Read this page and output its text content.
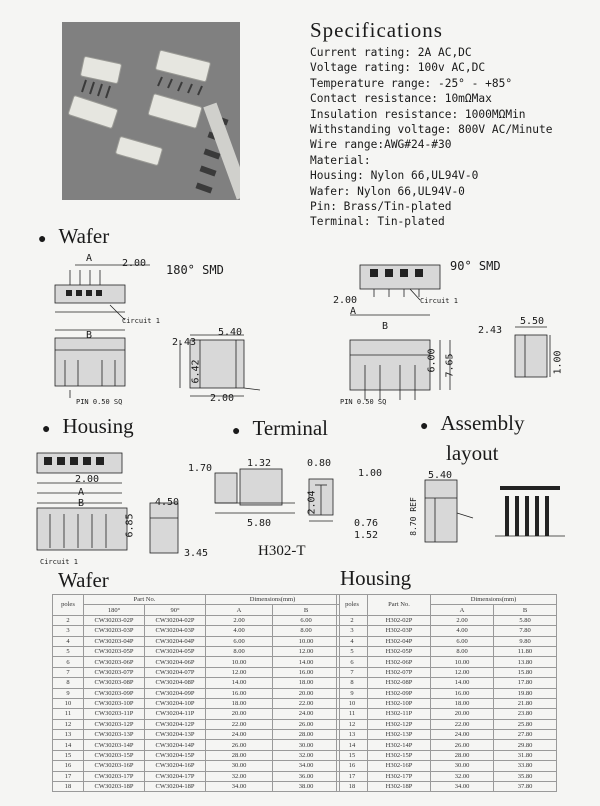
Specifications
Current rating: 2A AC,DC
Voltage rating: 100v AC,DC
Temperature range: -25° - +85°
Contact resistance: 10mΩMax
Insulation resistance: 1000MΩMin
Withstanding voltage: 800V AC/Minute
Wire range:AWG#24-#30
Material:
Housing: Nylon 66,UL94V-0
Wafer: Nylon 66,UL94V-0
Pin: Brass/Tin-plated
Terminal: Tin-plated
● Wafer
● Housing	● Terminal	● Assembly
layout
180° SMD	90° SMD
A	2.00
Circuit 1
B
PIN 0.50 SQ
2.43
5.40
6.42
2.00
Circuit 1
2.00
A
B
PIN 0.50 SQ
6.00 7.65
2.43
5.50
1.00
2.00
A
B
6.85
Circuit 1
4.50
3.45
1.70	1.32	0.80
1.00
2.04
5.80	0.76
1.52
H302-T
5.40
8.70 REF
Wafer	Housing
poles	Part No.		Dimensions(mm)	
	180°	90°	A	B
2	CW30203-02P	CW30204-02P	2.00	6.00
3	CW30203-03P	CW30204-03P	4.00	8.00
4	CW30203-04P	CW30204-04P	6.00	10.00
5	CW30203-05P	CW30204-05P	8.00	12.00
6	CW30203-06P	CW30204-06P	10.00	14.00
7	CW30203-07P	CW30204-07P	12.00	16.00
8	CW30203-08P	CW30204-08P	14.00	18.00
9	CW30203-09P	CW30204-09P	16.00	20.00
10	CW30203-10P	CW30204-10P	18.00	22.00
11	CW30203-11P	CW30204-11P	20.00	24.00
12	CW30203-12P	CW30204-12P	22.00	26.00
13	CW30203-13P	CW30204-13P	24.00	28.00
14	CW30203-14P	CW30204-14P	26.00	30.00
15	CW30203-15P	CW30204-15P	28.00	32.00
16	CW30203-16P	CW30204-16P	30.00	34.00
17	CW30203-17P	CW30204-17P	32.00	36.00
18	CW30203-18P	CW30204-18P	34.00	38.00
poles	Part No.	Dimensions(mm)	
		A	B
2	H302-02P	2.00	5.80
3	H302-03P	4.00	7.80
4	H302-04P	6.00	9.80
5	H302-05P	8.00	11.80
6	H302-06P	10.00	13.80
7	H302-07P	12.00	15.80
8	H302-08P	14.00	17.80
9	H302-09P	16.00	19.80
10	H302-10P	18.00	21.80
11	H302-11P	20.00	23.80
12	H302-12P	22.00	25.80
13	H302-13P	24.00	27.80
14	H302-14P	26.00	29.80
15	H302-15P	28.00	31.80
16	H302-16P	30.00	33.80
17	H302-17P	32.00	35.80
18	H302-18P	34.00	37.80
